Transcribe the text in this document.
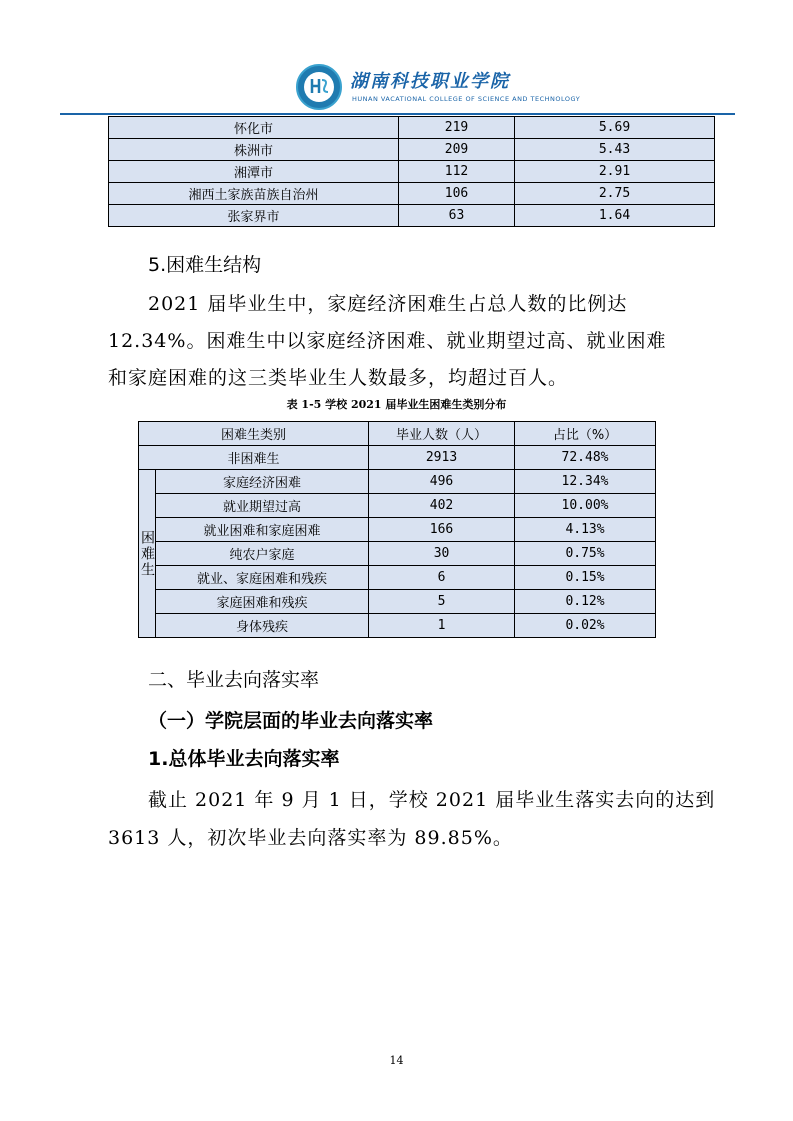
湖南科技职业学院
HUNAN VACATIONAL COLLEGE OF SCIENCE AND TECHNOLOGY
怀化市	219	5.69
株洲市	209	5.43
湘潭市	112	2.91
湘西土家族苗族自治州	106	2.75
张家界市	63	1.64
5.困难生结构
2021 届毕业生中，家庭经济困难生占总人数的比例达
12.34%。困难生中以家庭经济困难、就业期望过高、就业困难
和家庭困难的这三类毕业生人数最多，均超过百人。
表 1-5 学校 2021 届毕业生困难生类别分布
困难生类别		毕业人数（人）	占比（%）
非困难生		2913	72.48%
困难生	家庭经济困难	496	12.34%
	就业期望过高	402	10.00%
	就业困难和家庭困难	166	4.13%
	纯农户家庭	30	0.75%
	就业、家庭困难和残疾	6	0.15%
	家庭困难和残疾	5	0.12%
	身体残疾	1	0.02%
二、毕业去向落实率
（一）学院层面的毕业去向落实率
1.总体毕业去向落实率
截止 2021 年 9 月 1 日，学校 2021 届毕业生落实去向的达到
3613 人，初次毕业去向落实率为 89.85%。
14
